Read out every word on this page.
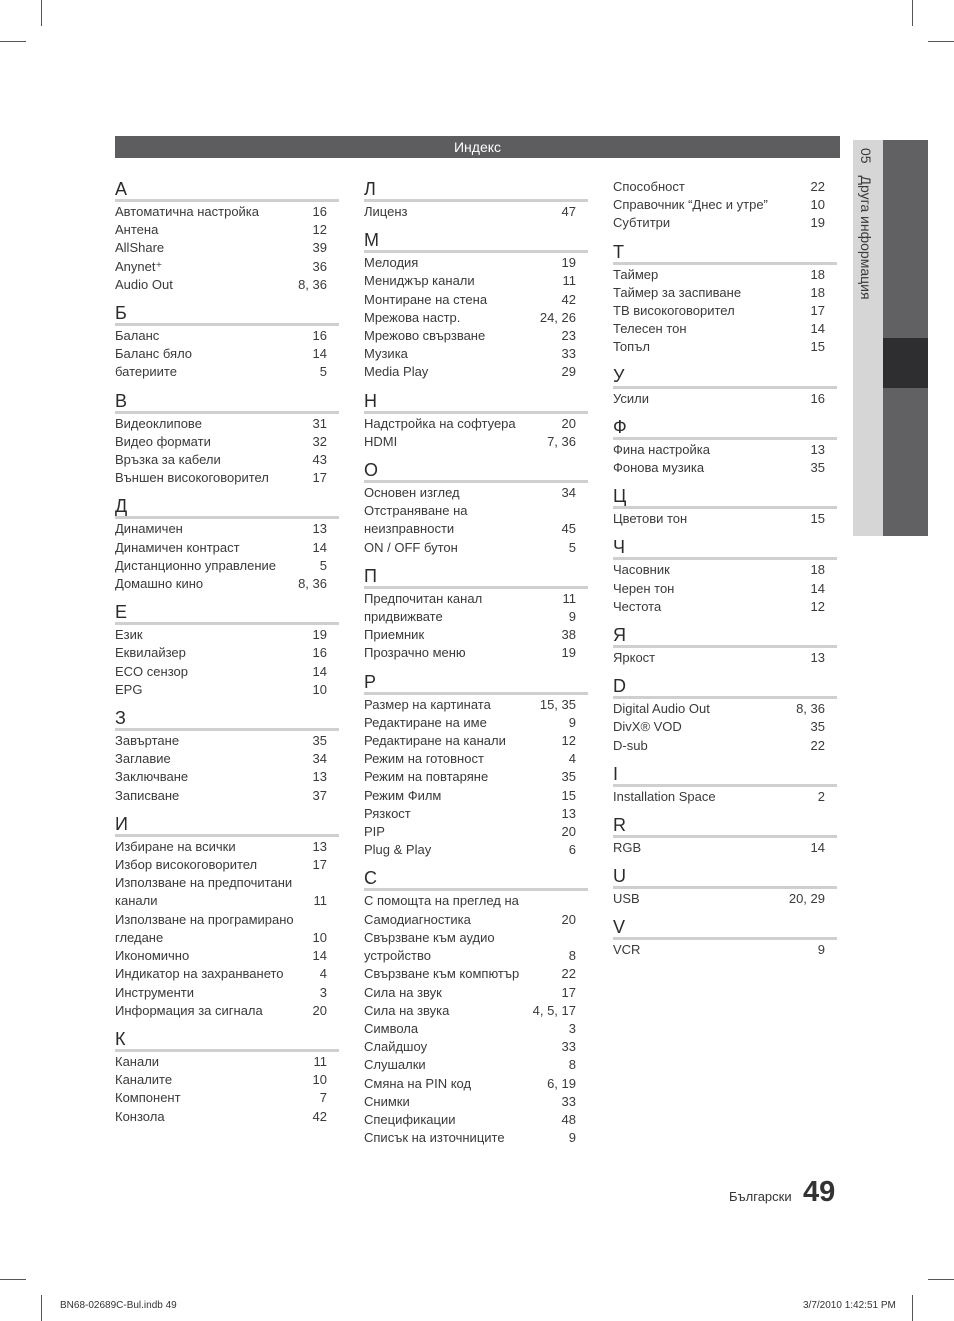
Индекс
05 Друга информация
А
Автоматична настройка	16
Антена	12
AllShare	39
Anynet⁺	36
Audio Out	8, 36
Б
Баланс	16
Баланс бяло	14
батериите	5
В
Видеоклипове	31
Видео формати	32
Връзка за кабели	43
Външен високоговорител	17
Д
Динамичен	13
Динамичен контраст	14
Дистанционно управление	5
Домашно кино	8, 36
Е
Език	19
Еквилайзер	16
ECO сензор	14
EPG	10
З
Завъртане	35
Заглавие	34
Заключване	13
Записване	37
И
Избиране на всички	13
Избор високоговорител	17
Използване на предпочитани
канали	11
Използване на програмирано
гледане	10
Икономично	14
Индикатор на захранването	4
Инструменти	3
Информация за сигнала	20
К
Канали	11
Каналите	10
Компонент	7
Конзола	42
Л
Лиценз	47
М
Мелодия	19
Мениджър канали	11
Монтиране на стена	42
Мрежова настр.	24, 26
Мрежово свързване	23
Музика	33
Media Play	29
Н
Надстройка на софтуера	20
HDMI	7, 36
О
Основен изглед	34
Отстраняване на неизправности	45
ON / OFF бутон	5
П
Предпочитан канал	11
придвижвате	9
Приемник	38
Прозрачно меню	19
Р
Размер на картината	15, 35
Редактиране на име	9
Редактиране на канали	12
Режим на готовност	4
Режим на повтаряне	35
Режим Филм	15
Рязкост	13
PIP	20
Plug & Play	6
С
С помощта на преглед на
Самодиагностика	20
Свързване към аудио
устройство	8
Свързване към компютър	22
Сила на звук	17
Сила на звука	4, 5, 17
Символа	3
Слайдшоу	33
Слушалки	8
Смяна на PIN код	6, 19
Снимки	33
Спецификации	48
Списък на източниците	9
Способност	22
Справочник “Днес и утре”	10
Субтитри	19
Т
Таймер	18
Таймер за заспиване	18
ТВ високоговорител	17
Телесен тон	14
Топъл	15
У
Усили	16
Ф
Фина настройка	13
Фонова музика	35
Ц
Цветови тон	15
Ч
Часовник	18
Черен тон	14
Честота	12
Я
Яркост	13
D
Digital Audio Out	8, 36
DivX® VOD	35
D-sub	22
I
Installation Space	2
R
RGB	14
U
USB	20, 29
V
VCR	9
Български 49
BN68-02689C-Bul.indb 49	3/7/2010 1:42:51 PM
